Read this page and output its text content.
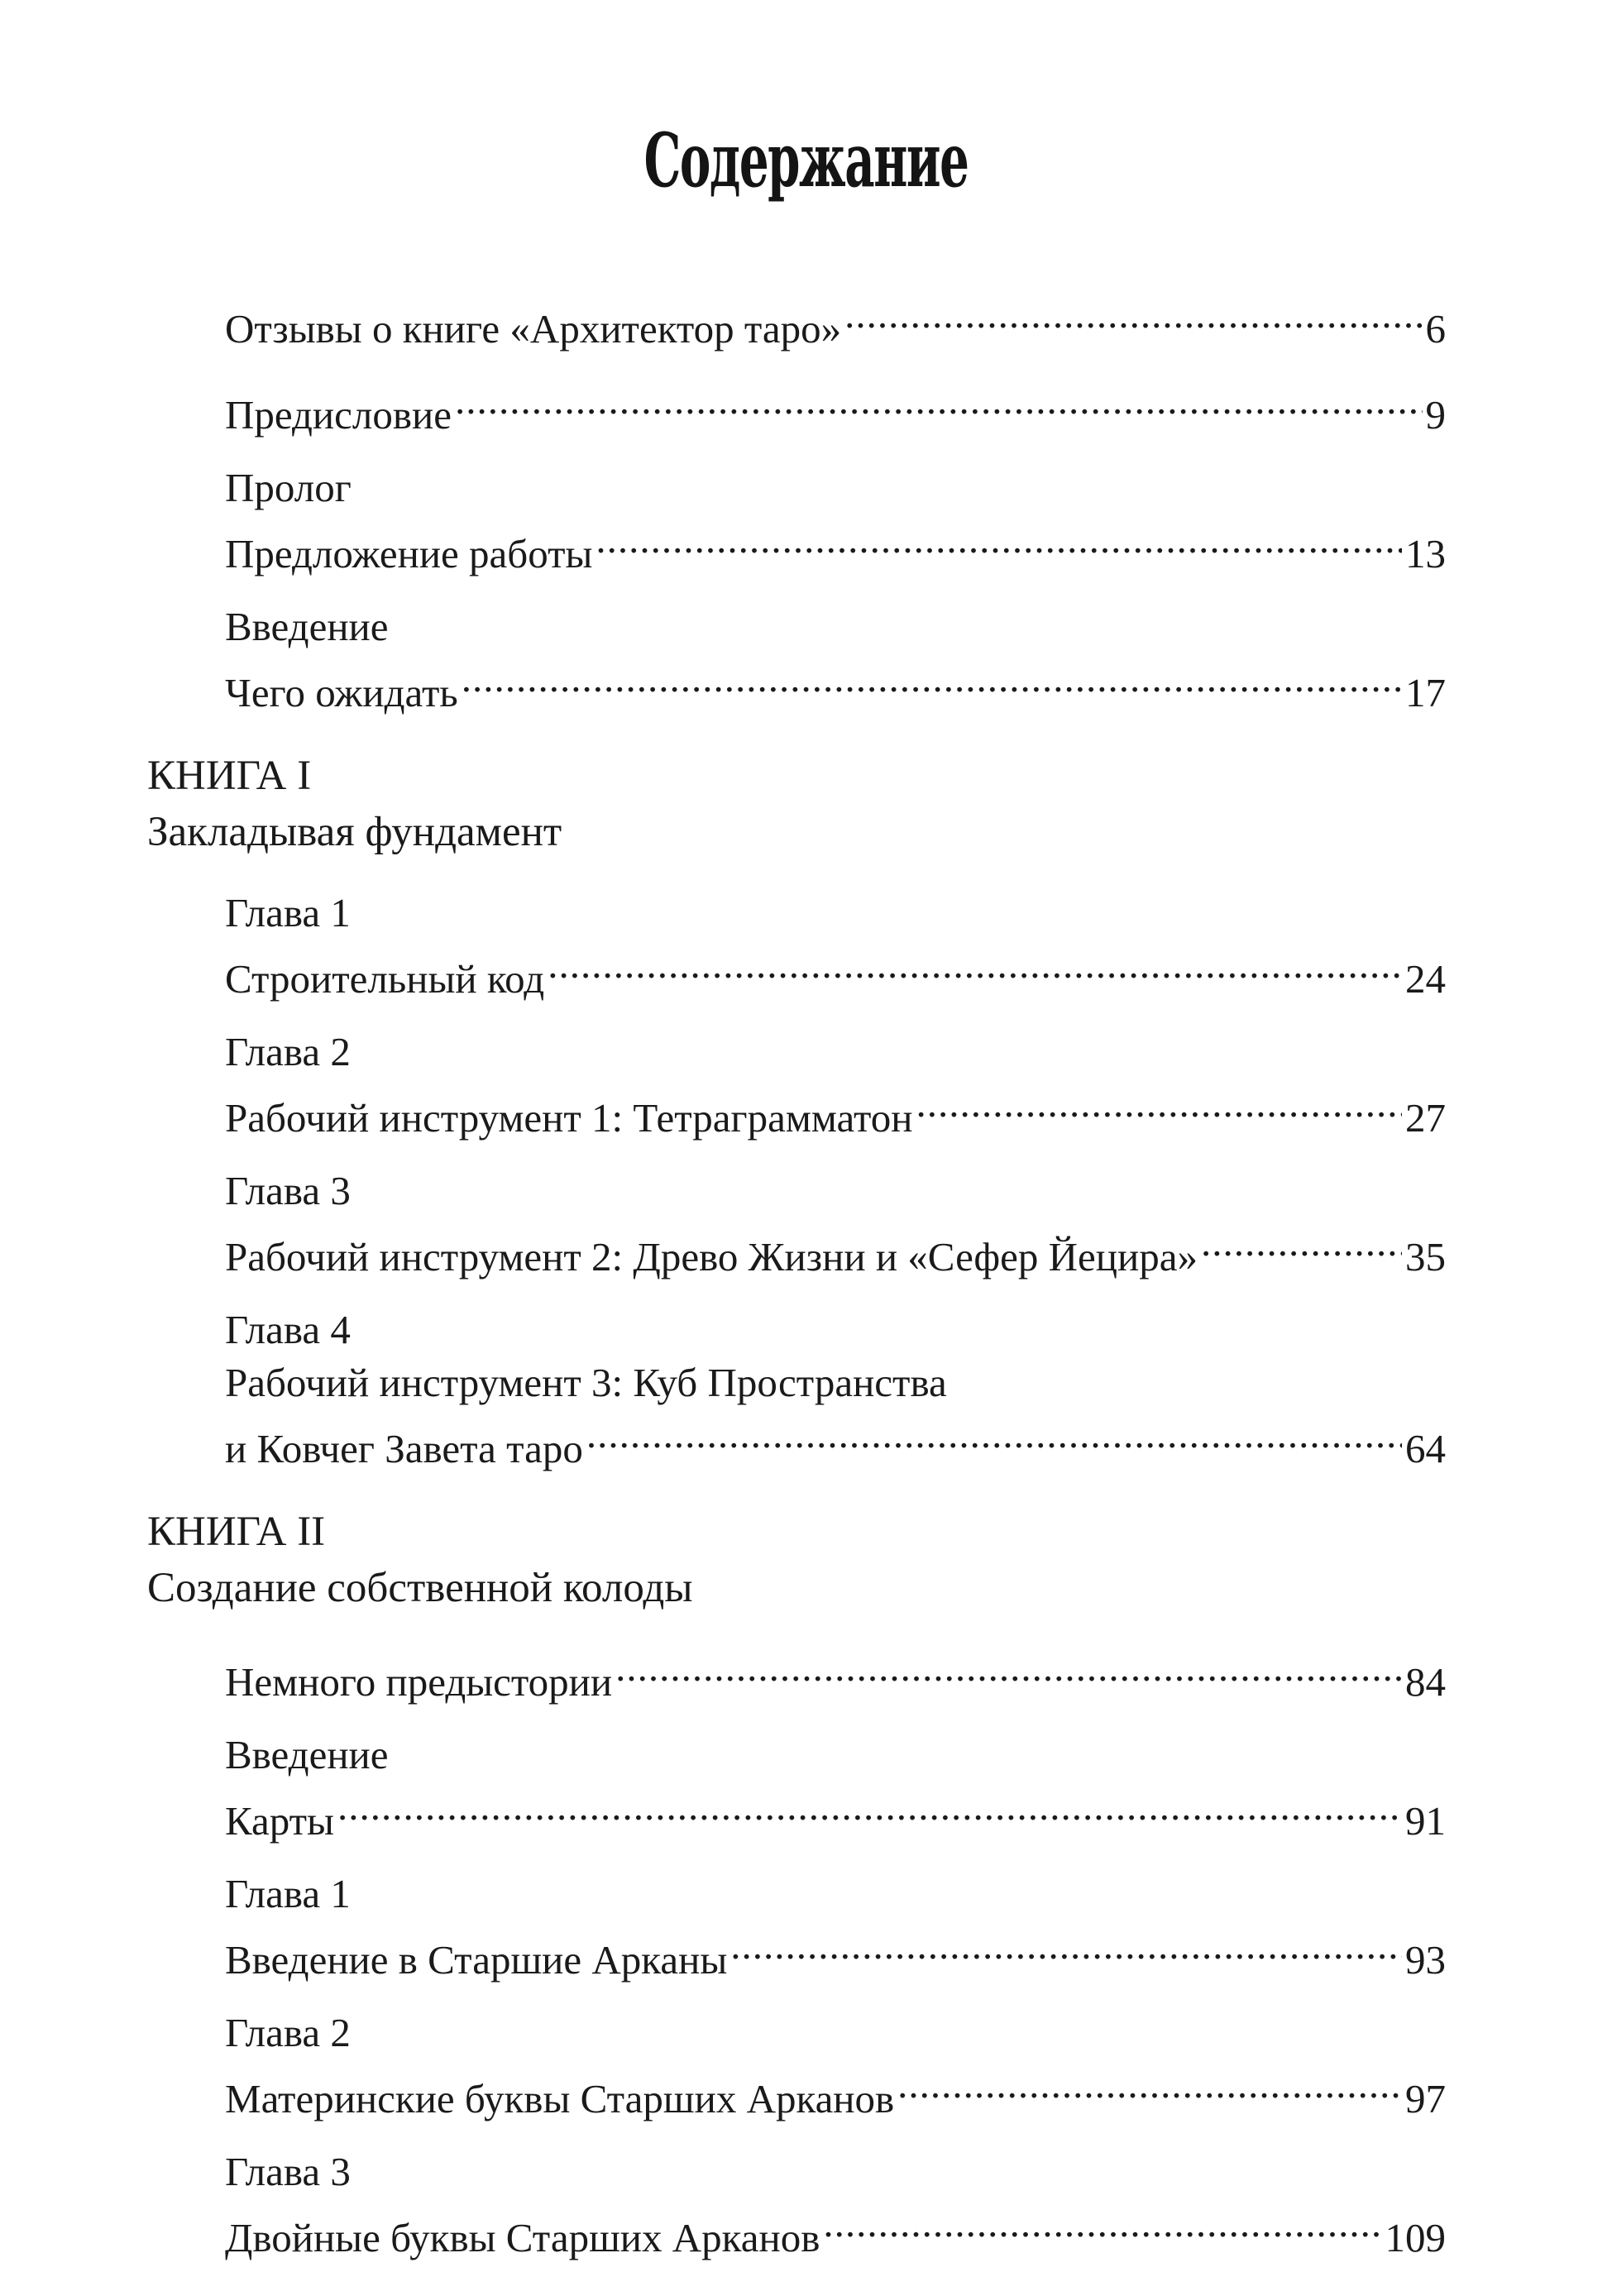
Содержание
Отзывы о книге «Архитектор таро» .....	6
Предисловие .....	9
Пролог
Предложение работы .....	13
Введение
Чего ожидать .....	17
КНИГА I
Закладывая фундамент
Глава 1
Строительный код .....	24
Глава 2
Рабочий инструмент 1: Тетраграмматон .....	27
Глава 3
Рабочий инструмент 2: Древо Жизни и «Сефер Йецира» .....	35
Глава 4
Рабочий инструмент 3: Куб Пространства
и Ковчег Завета таро .....	64
КНИГА II
Создание собственной колоды
Немного предыстории .....	84
Введение
Карты .....	91
Глава 1
Введение в Старшие Арканы .....	93
Глава 2
Материнские буквы Старших Арканов .....	97
Глава 3
Двойные буквы Старших Арканов .....	109
